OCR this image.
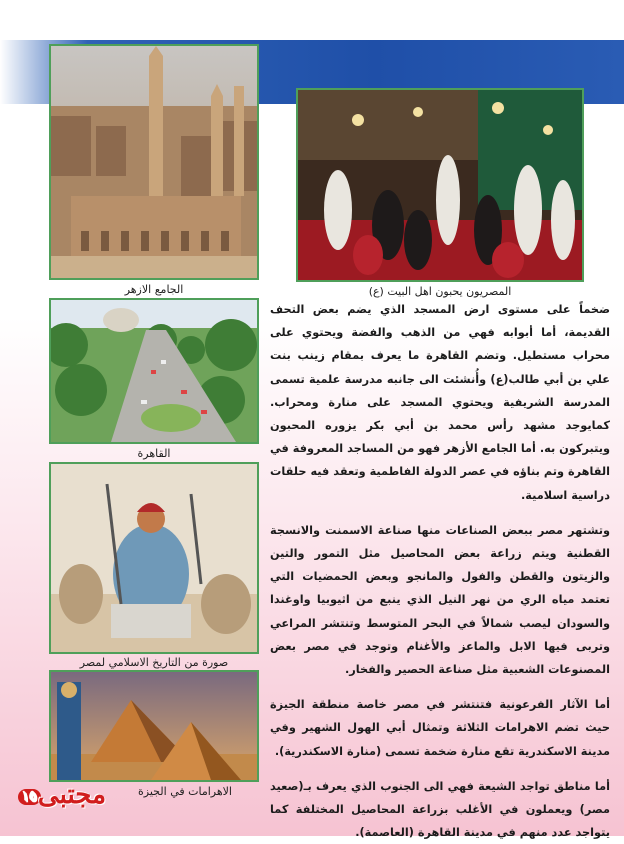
الجامع الازهر	المصريون يحبون اهل البيت (ع)
القاهرة
صورة من التاريخ الاسلامي لمصر
الاهرامات في الجيزة
١٥ مجتبى

ضخماً على مستوى ارض المسجد الذي يضم بعض التحف القديمة، أما أبوابه فهي من الذهب والفضة ويحتوي على محراب مستطيل. وتضم القاهرة ما يعرف بمقام زينب بنت علي بن أبي طالب(ع) وأُنشئت الى جانبه مدرسة علمية تسمى المدرسة الشريفية ويحتوي المسجد على منارة ومحراب. كمايوجد مشهد رأس محمد بن أبي بكر يزوره المحبون ويتبركون به. أما الجامع الأزهر فهو من المساجد المعروفة في القاهرة وتم بناؤه في عصر الدولة الفاطمية وتعقد فيه حلقات دراسية اسلامية.

وتشتهر مصر ببعض الصناعات منها صناعة الاسمنت والانسجة القطنية ويتم زراعة بعض المحاصيل مثل التمور والتين والزيتون والقطن والفول والمانجو وبعض الحمضيات التي تعتمد مياه الري من نهر النيل الذي ينبع من اثيوبيا واوغندا والسودان ليصب شمالاً في البحر المتوسط وتنتشر المراعي وتربى فيها الابل والماعز والأغنام وتوجد في مصر بعض المصنوعات الشعبية مثل صناعة الحصير والفخار.

أما الآثار الفرعونية فتنتشر في مصر خاصة منطقة الجيزة حيث تضم الاهرامات الثلاثة وتمثال أبي الهول الشهير وفي مدينة الاسكندرية تقع منارة ضخمة تسمى (منارة الاسكندرية).

أما مناطق تواجد الشيعة فهي الى الجنوب الذي يعرف بـ(صعيد مصر) ويعملون في الأغلب بزراعة المحاصيل المختلفة كما يتواجد عدد منهم في مدينة القاهرة (العاصمة).
